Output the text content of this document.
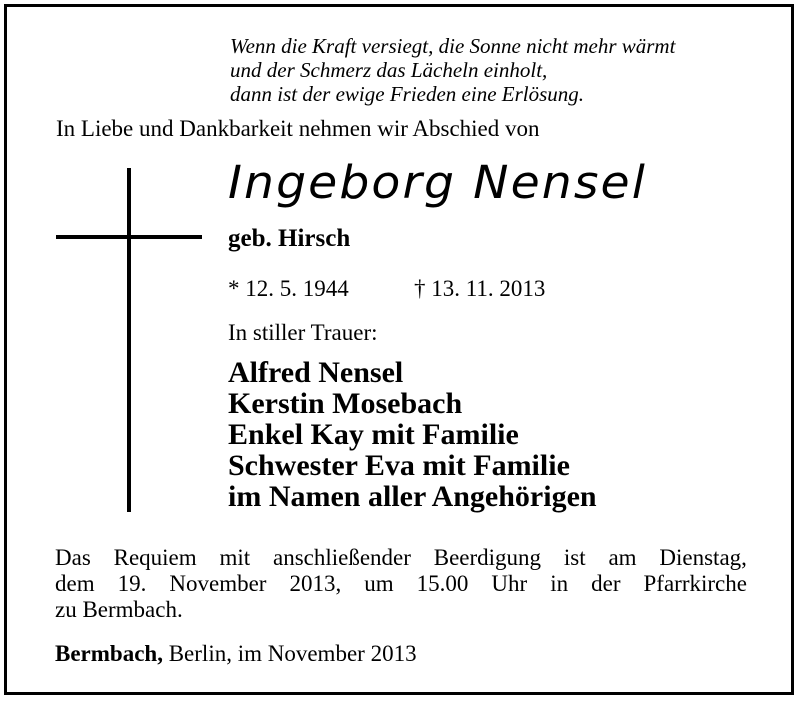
Wenn die Kraft versiegt, die Sonne nicht mehr wärmt
und der Schmerz das Lächeln einholt,
dann ist der ewige Frieden eine Erlösung.
In Liebe und Dankbarkeit nehmen wir Abschied von
Ingeborg Nensel
geb. Hirsch
* 12. 5. 1944	† 13. 11. 2013
In stiller Trauer:
Alfred Nensel
Kerstin Mosebach
Enkel Kay mit Familie
Schwester Eva mit Familie
im Namen aller Angehörigen
Das Requiem mit anschließender Beerdigung ist am Dienstag,
dem 19. November 2013, um 15.00 Uhr in der Pfarrkirche
zu Bermbach.
Bermbach, Berlin, im November 2013
